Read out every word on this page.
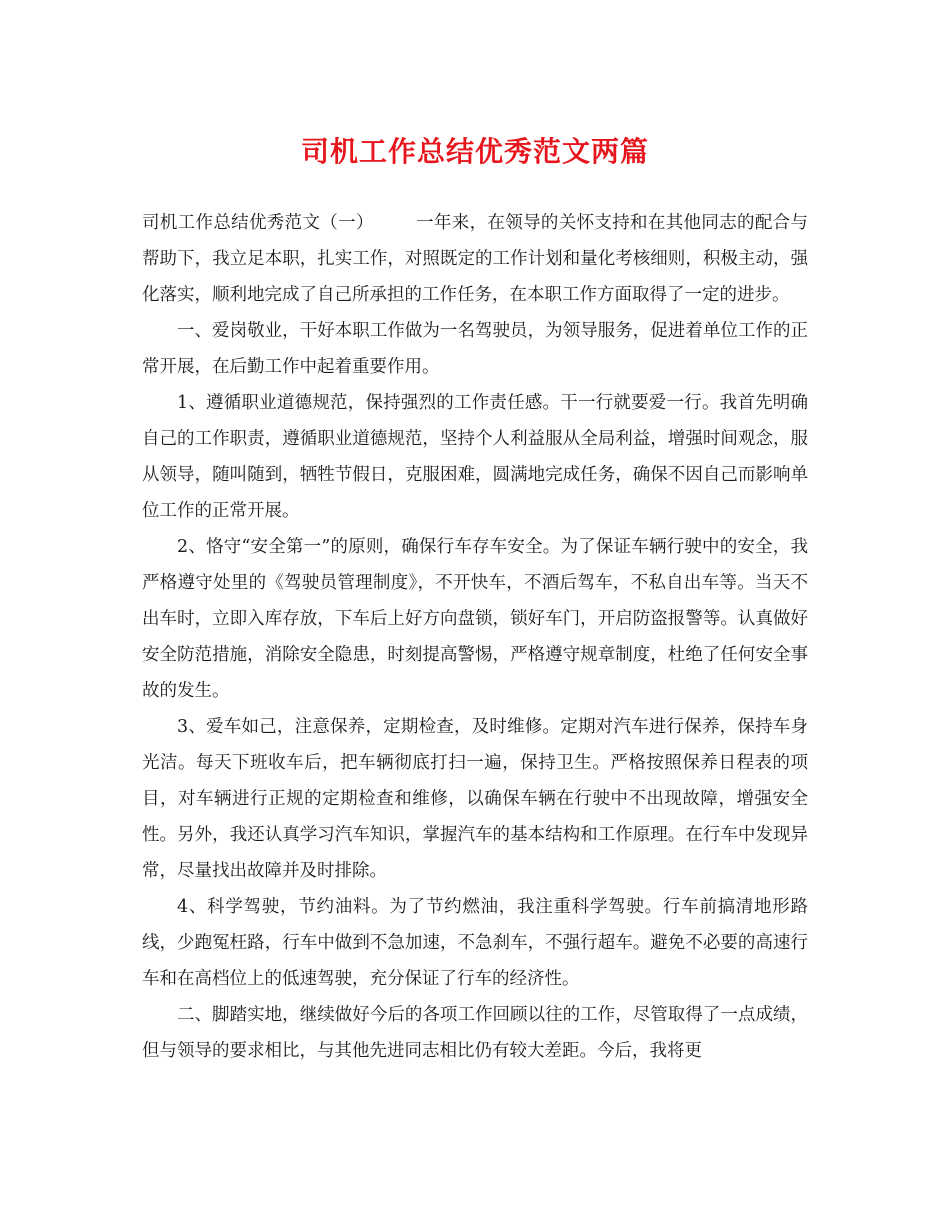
司机工作总结优秀范文两篇

司机工作总结优秀范文（一） 一年来，在领导的关怀支持和在其他同志的配合与帮助下，我立足本职，扎实工作，对照既定的工作计划和量化考核细则，积极主动，强化落实，顺利地完成了自己所承担的工作任务，在本职工作方面取得了一定的进步。

一、爱岗敬业，干好本职工作做为一名驾驶员，为领导服务，促进着单位工作的正常开展，在后勤工作中起着重要作用。

1、遵循职业道德规范，保持强烈的工作责任感。干一行就要爱一行。我首先明确自己的工作职责，遵循职业道德规范，坚持个人利益服从全局利益，增强时间观念，服从领导，随叫随到，牺牲节假日，克服困难，圆满地完成任务，确保不因自己而影响单位工作的正常开展。

2、恪守“安全第一”的原则，确保行车存车安全。为了保证车辆行驶中的安全，我严格遵守处里的《驾驶员管理制度》，不开快车，不酒后驾车，不私自出车等。当天不出车时，立即入库存放，下车后上好方向盘锁，锁好车门，开启防盗报警等。认真做好安全防范措施，消除安全隐患，时刻提高警惕，严格遵守规章制度，杜绝了任何安全事故的发生。

3、爱车如己，注意保养，定期检查，及时维修。定期对汽车进行保养，保持车身光洁。每天下班收车后，把车辆彻底打扫一遍，保持卫生。严格按照保养日程表的项目，对车辆进行正规的定期检查和维修，以确保车辆在行驶中不出现故障，增强安全性。另外，我还认真学习汽车知识，掌握汽车的基本结构和工作原理。在行车中发现异常，尽量找出故障并及时排除。

4、科学驾驶，节约油料。为了节约燃油，我注重科学驾驶。行车前搞清地形路线，少跑冤枉路，行车中做到不急加速，不急刹车，不强行超车。避免不必要的高速行车和在高档位上的低速驾驶，充分保证了行车的经济性。

二、脚踏实地，继续做好今后的各项工作回顾以往的工作，尽管取得了一点成绩，但与领导的要求相比，与其他先进同志相比仍有较大差距。今后，我将更
